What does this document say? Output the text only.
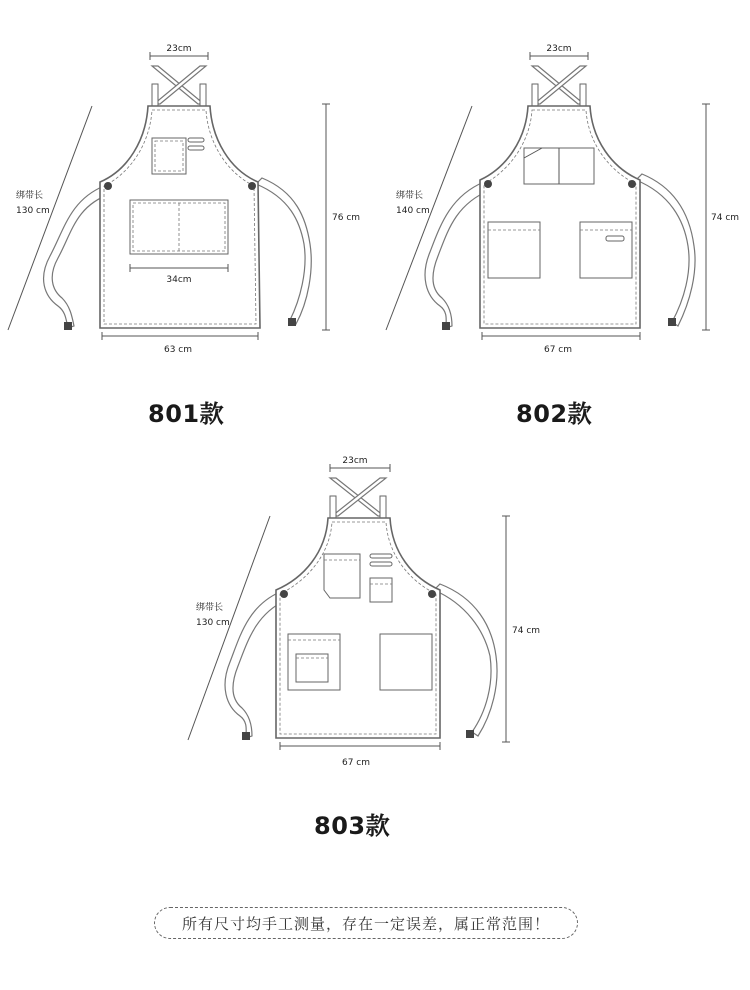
23cm
34cm
63 cm
76 cm
绑带长
130 cm
23cm
67 cm
74 cm
绑带长
140 cm
23cm
67 cm
74 cm
绑带长
130 cm
801款	802款
803款
所有尺寸均手工测量，存在一定误差，属正常范围！
